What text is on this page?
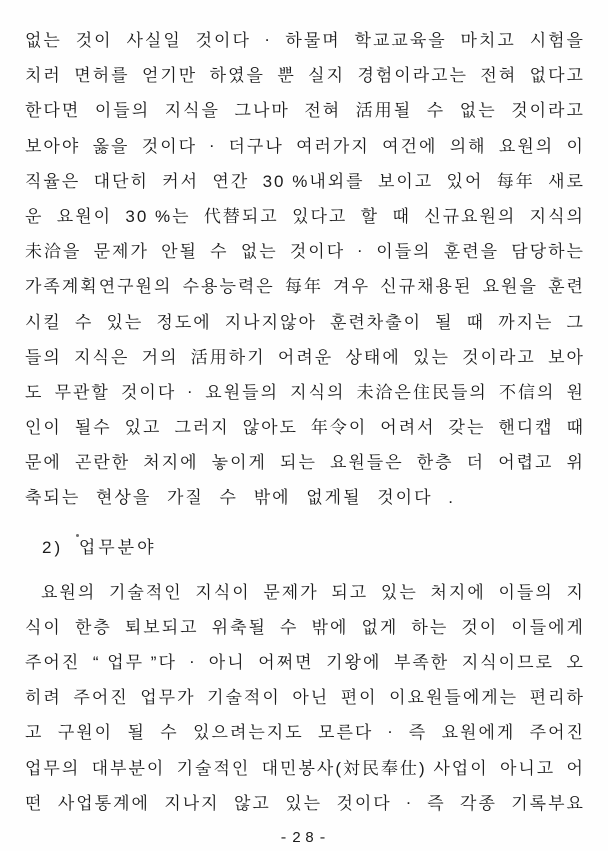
없는 것이 사실일 것이다 . 하물며 학교교육을 마치고 시험을
치러 면허를 얻기만 하였을 뿐 실지 경험이라고는 전혀 없다고
한다면 이들의 지식을 그나마 전혀 活用될 수 없는 것이라고
보아야 옳을 것이다 . 더구나 여러가지 여건에 의해 요원의 이
직율은 대단히 커서 연간 30 %내외를 보이고 있어 每年 새로
운 요원이 30 %는 代替되고 있다고 할 때 신규요원의 지식의
未洽을 문제가 안될 수 없는 것이다 . 이들의 훈련을 담당하는
가족계획연구원의 수용능력은 每年 겨우 신규채용된 요원을 훈련
시킬 수 있는 정도에 지나지않아 훈련차출이 될 때 까지는 그
들의 지식은 거의 活用하기 어려운 상태에 있는 것이라고 보아
도 무관할 것이다 . 요원들의 지식의 未洽은住民들의 不信의 원
인이 될수 있고 그러지 않아도 年令이 어려서 갖는 핸디캡 때
문에 곤란한 처지에 놓이게 되는 요원들은 한층 더 어렵고 위
축되는 현상을 가질 수 밖에 없게될 것이다 .
2) 업무분야
요원의 기술적인 지식이 문제가 되고 있는 처지에 이들의 지
식이 한층 퇴보되고 위축될 수 밖에 없게 하는 것이 이들에게
주어진 “ 업무 ”다 . 아니 어쩌면 기왕에 부족한 지식이므로 오
히려 주어진 업무가 기술적이 아닌 편이 이요원들에게는 편리하
고 구원이 될 수 있으려는지도 모른다 . 즉 요원에게 주어진
업무의 대부분이 기술적인 대민봉사(対民奉仕) 사업이 아니고 어
떤 사업통계에 지나지 않고 있는 것이다 . 즉 각종 기록부요
-28-
